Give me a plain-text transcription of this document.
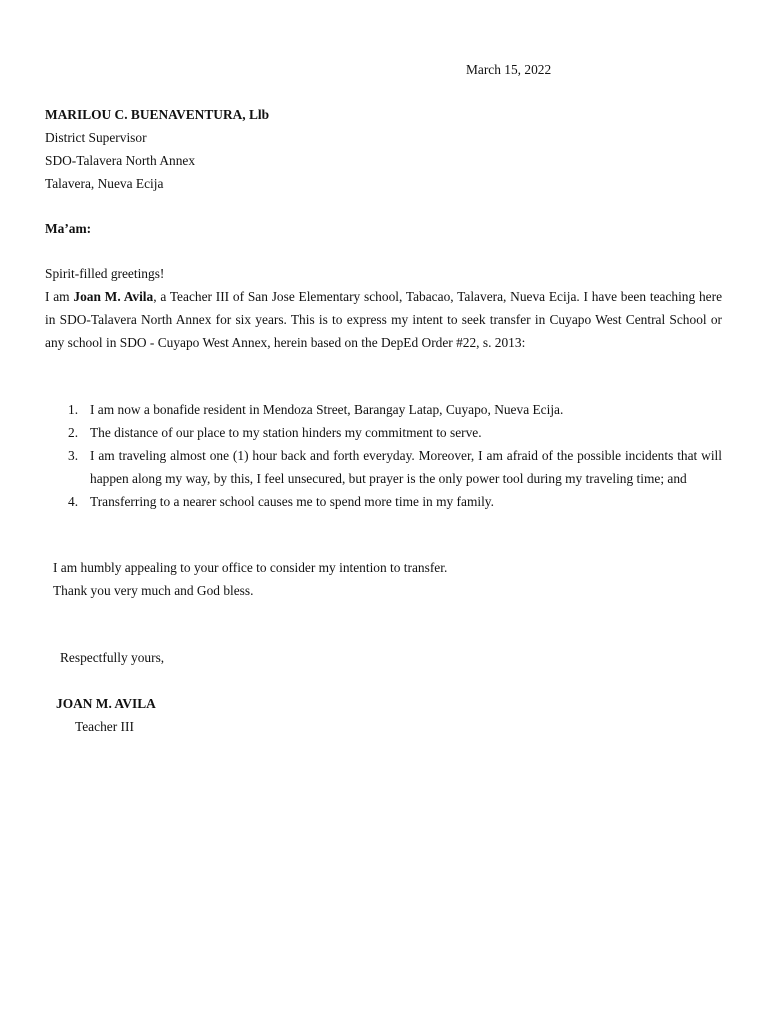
March 15, 2022
MARILOU C. BUENAVENTURA, Llb
District Supervisor
SDO-Talavera North Annex
Talavera, Nueva Ecija
Ma’am:
Spirit-filled greetings!

I am Joan M. Avila, a Teacher III of San Jose Elementary school, Tabacao, Talavera, Nueva Ecija. I have been teaching here in SDO-Talavera North Annex for six years. This is to express my intent to seek transfer in Cuyapo West Central School or any school in SDO - Cuyapo West Annex, herein based on the DepEd Order #22, s. 2013:

1. I am now a bonafide resident in Mendoza Street, Barangay Latap, Cuyapo, Nueva Ecija.
2. The distance of our place to my station hinders my commitment to serve.
3. I am traveling almost one (1) hour back and forth everyday. Moreover, I am afraid of the possible incidents that will happen along my way, by this, I feel unsecured, but prayer is the only power tool during my traveling time; and
4. Transferring to a nearer school causes me to spend more time in my family.
I am humbly appealing to your office to consider my intention to transfer.
Thank you very much and God bless.
Respectfully yours,
JOAN M. AVILA
Teacher III
